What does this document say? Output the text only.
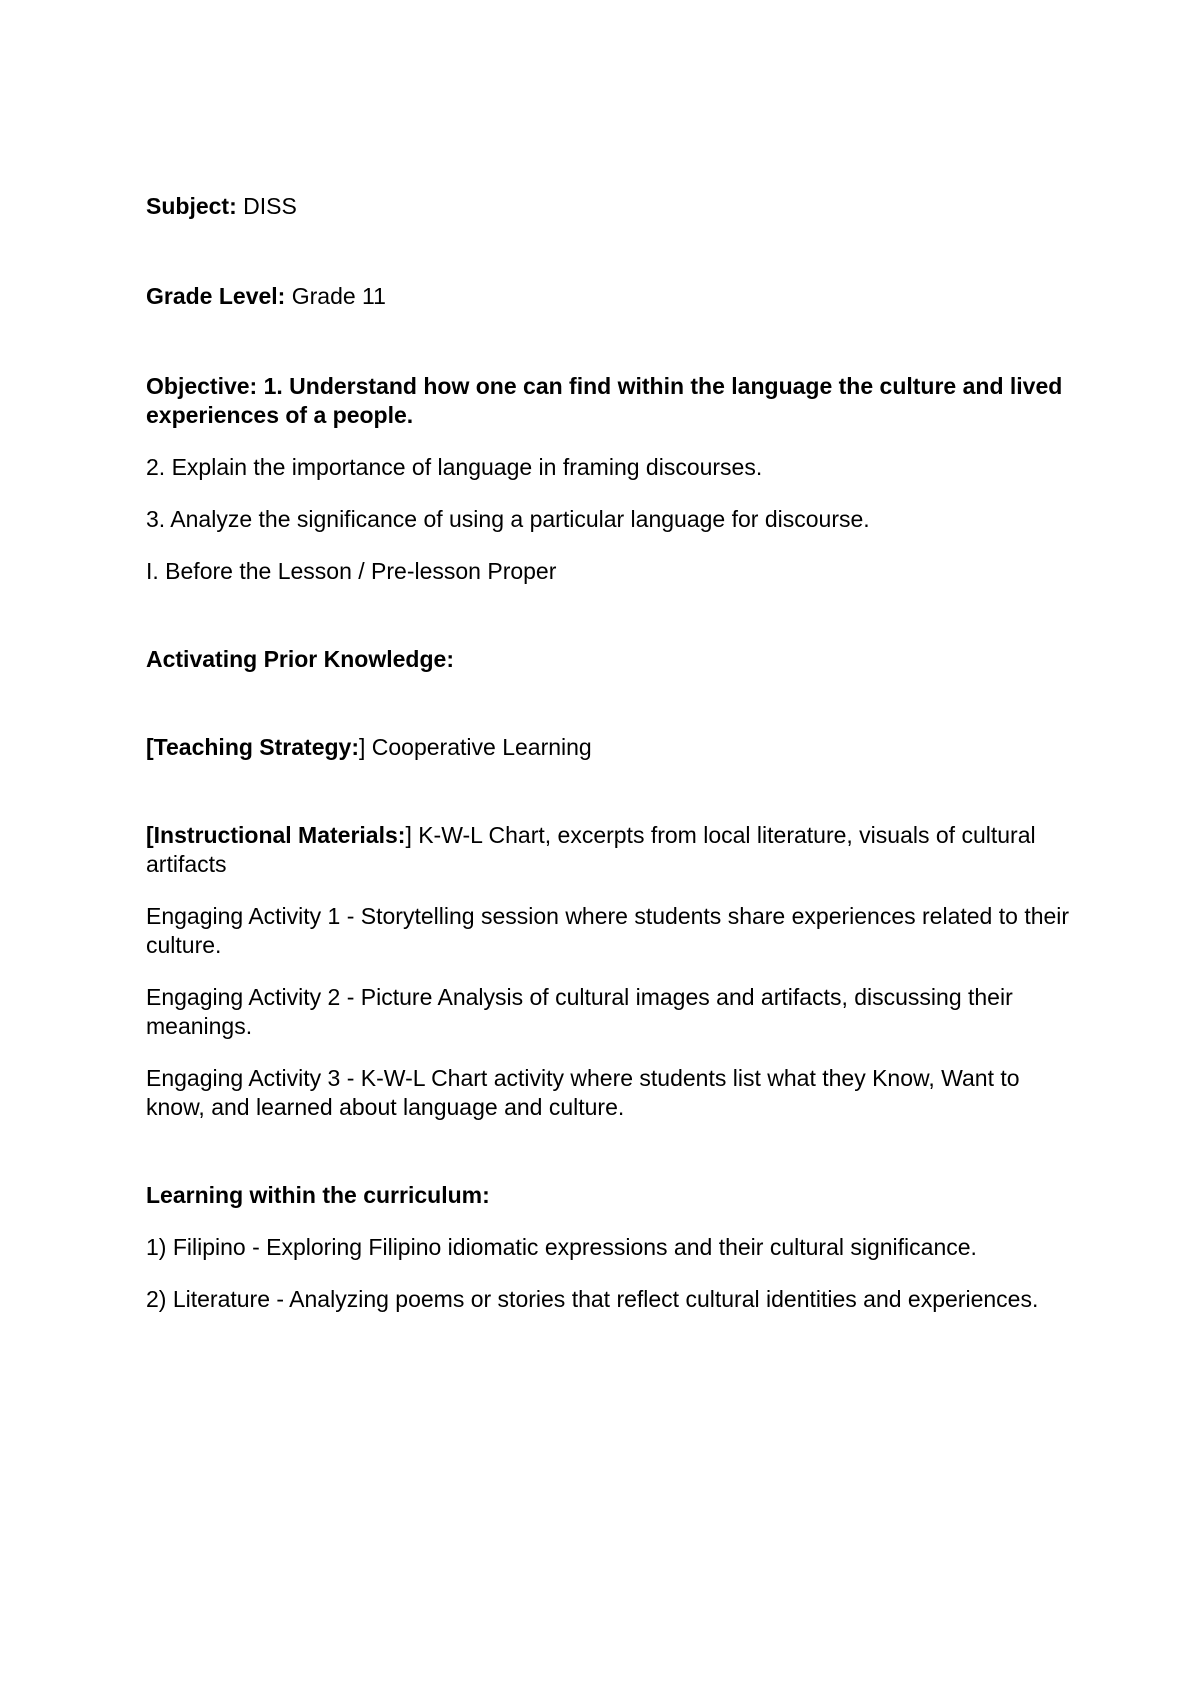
Subject: DISS

Grade Level: Grade 11

Objective: 1. Understand how one can find within the language the culture and lived experiences of a people.

2. Explain the importance of language in framing discourses.

3. Analyze the significance of using a particular language for discourse.

I. Before the Lesson / Pre-lesson Proper

Activating Prior Knowledge:

[Teaching Strategy:] Cooperative Learning

[Instructional Materials:] K-W-L Chart, excerpts from local literature, visuals of cultural artifacts

Engaging Activity 1 - Storytelling session where students share experiences related to their culture.

Engaging Activity 2 - Picture Analysis of cultural images and artifacts, discussing their meanings.

Engaging Activity 3 - K-W-L Chart activity where students list what they Know, Want to know, and learned about language and culture.

Learning within the curriculum:

1) Filipino - Exploring Filipino idiomatic expressions and their cultural significance.

2) Literature - Analyzing poems or stories that reflect cultural identities and experiences.
